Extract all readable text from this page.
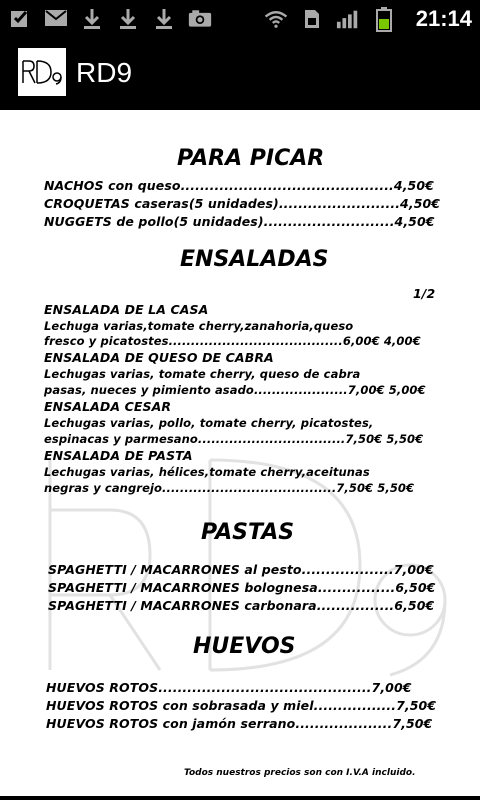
21:14
RD9
PARA PICAR
NACHOS con queso............................................4,50€
CROQUETAS caseras(5 unidades).........................4,50€
NUGGETS de pollo(5 unidades)...........................4,50€
ENSALADAS
1/2
ENSALADA DE LA CASA
Lechuga varias,tomate cherry,zanahoria,queso
fresco y picatostes.......................................6,00€ 4,00€
ENSALADA DE QUESO DE CABRA
Lechugas varias, tomate cherry, queso de cabra
pasas, nueces y pimiento asado.....................7,00€ 5,00€
ENSALADA CESAR
Lechugas varias, pollo, tomate cherry, picatostes,
espinacas y parmesano.................................7,50€ 5,50€
ENSALADA DE PASTA
Lechugas varias, hélices,tomate cherry,aceitunas
negras y cangrejo.......................................7,50€ 5,50€
PASTAS
SPAGHETTI / MACARRONES al pesto...................7,00€
SPAGHETTI / MACARRONES bolognesa................6,50€
SPAGHETTI / MACARRONES carbonara................6,50€
HUEVOS
HUEVOS ROTOS............................................7,00€
HUEVOS ROTOS con sobrasada y miel.................7,50€
HUEVOS ROTOS con jamón serrano....................7,50€
Todos nuestros precios son con I.V.A incluido.
